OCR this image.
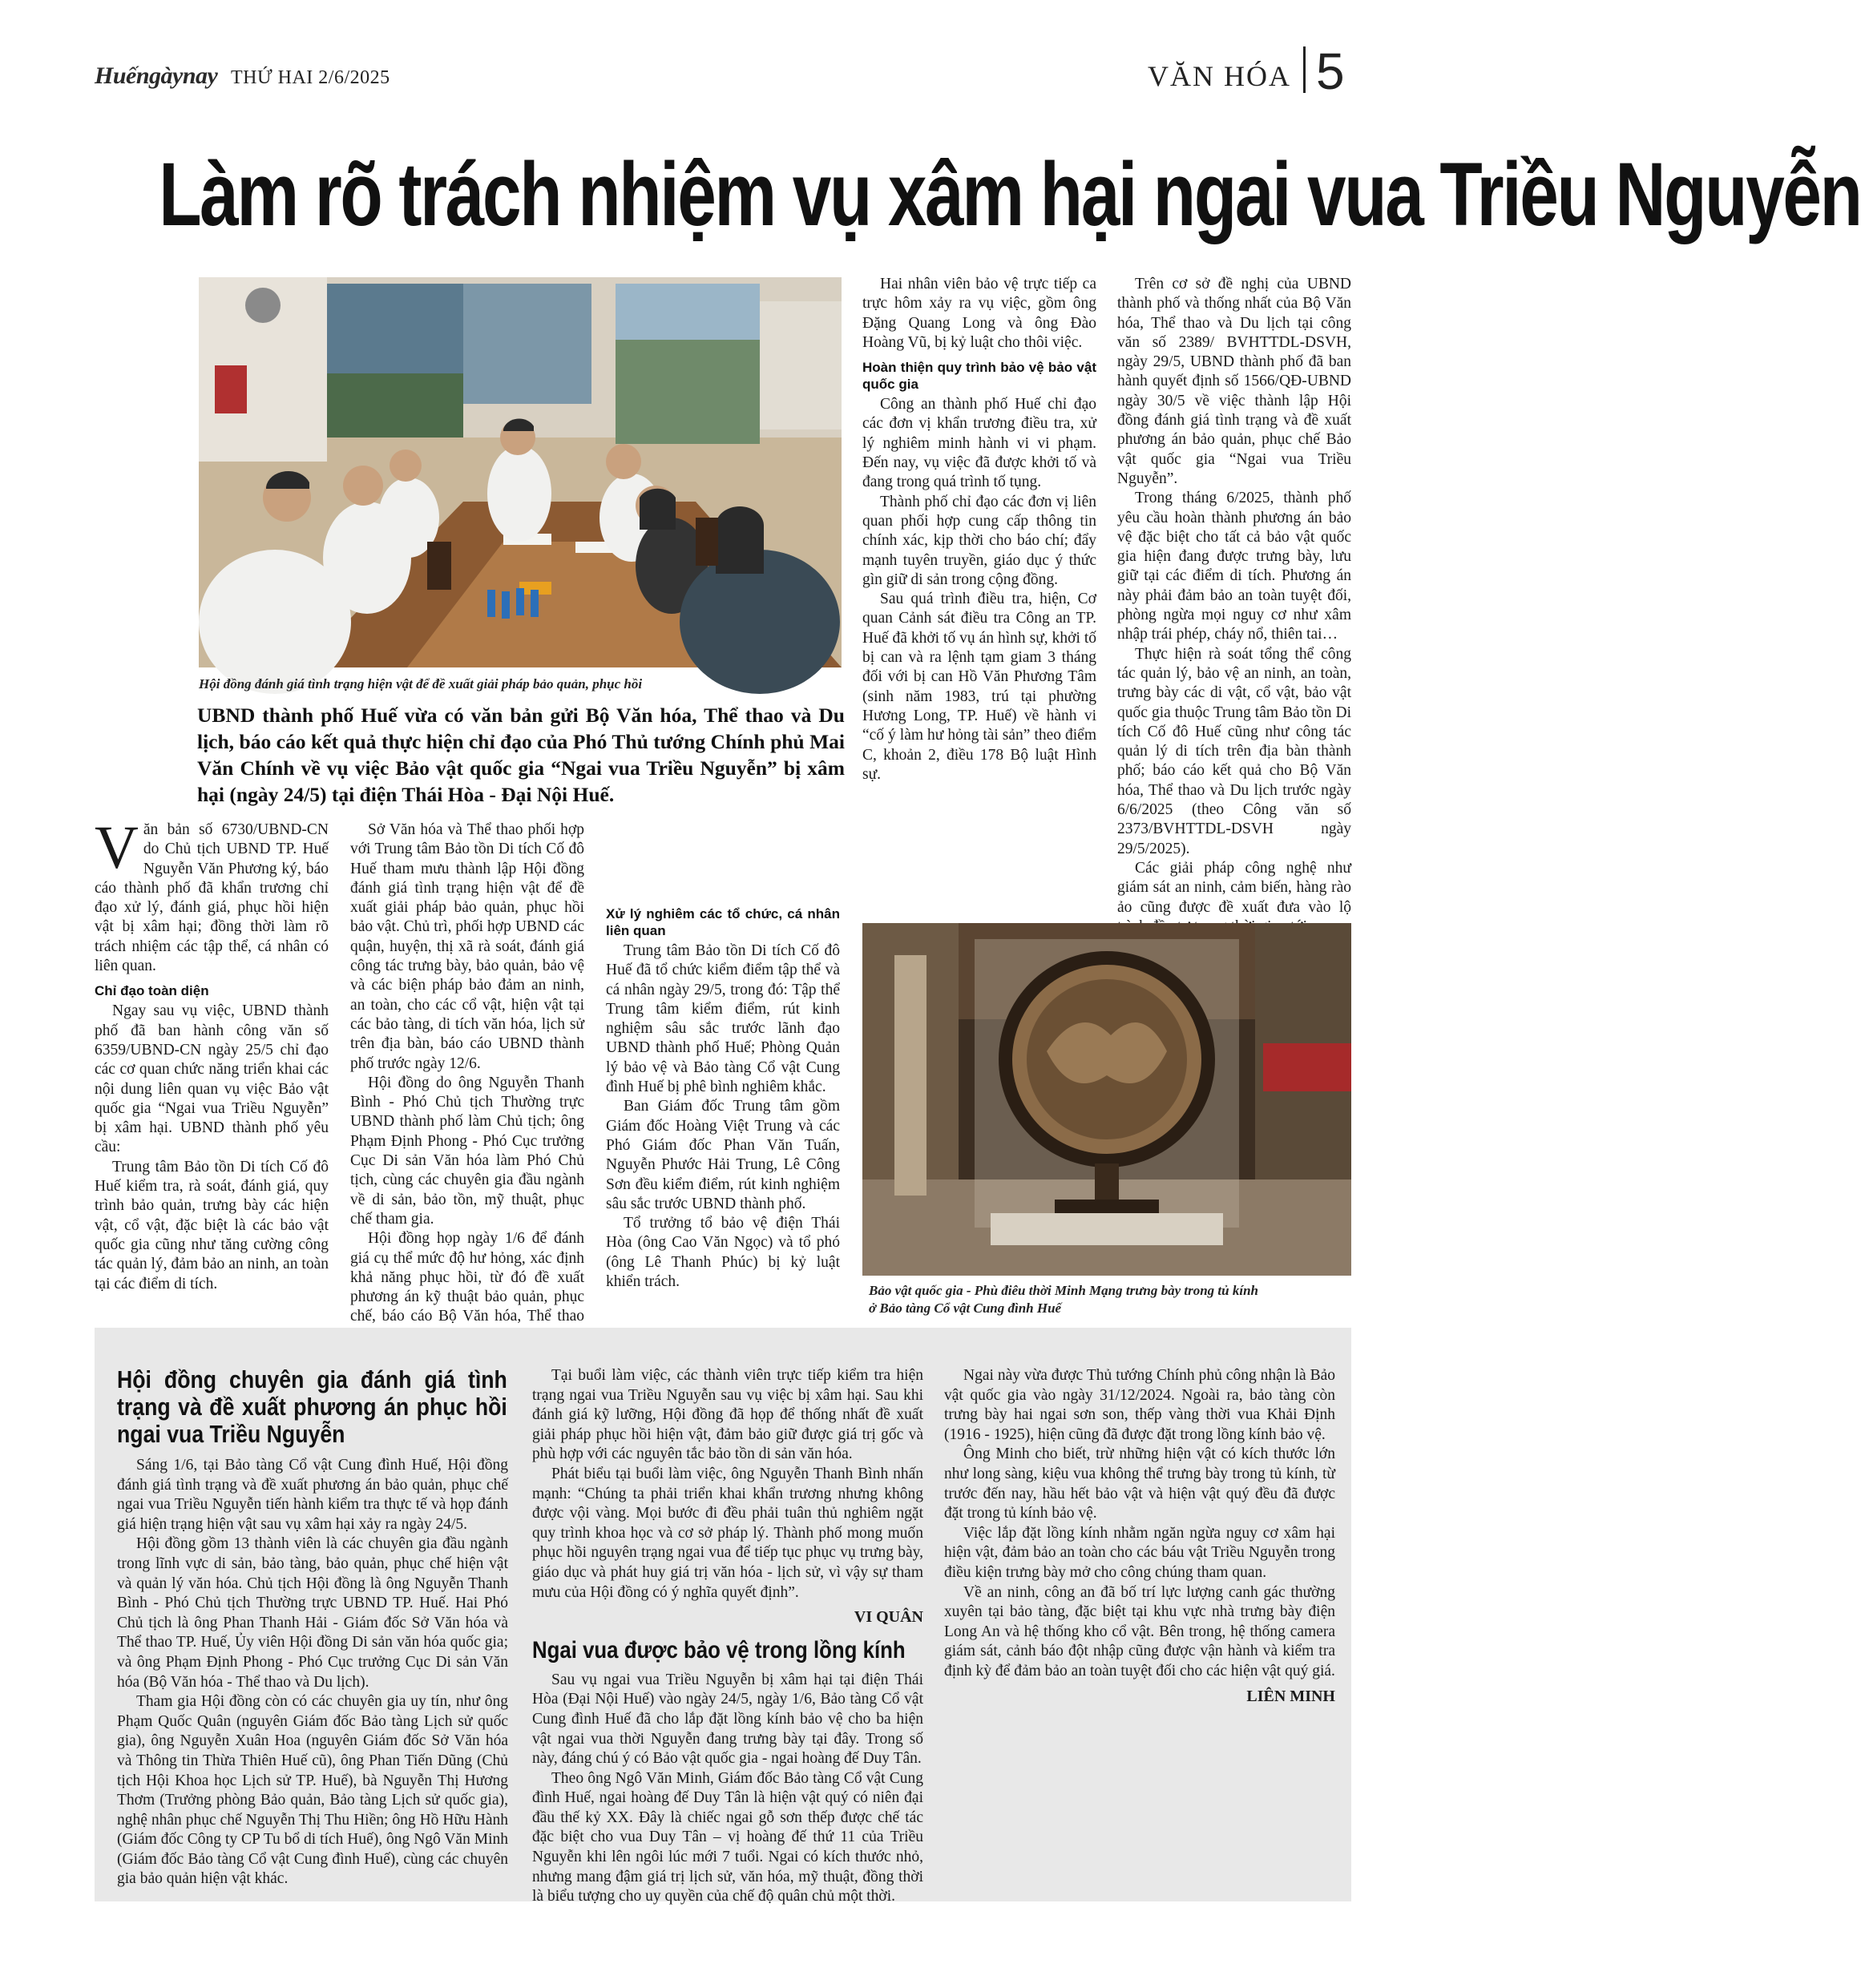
Huếngàynay THỨ HAI 2/6/2025	VĂN HÓA 5
Làm rõ trách nhiệm vụ xâm hại ngai vua Triều Nguyễn
Hội đồng đánh giá tình trạng hiện vật để đề xuất giải pháp bảo quản, phục hồi
UBND thành phố Huế vừa có văn bản gửi Bộ Văn hóa, Thể thao và Du lịch, báo cáo kết quả thực hiện chỉ đạo của Phó Thủ tướng Chính phủ Mai Văn Chính về vụ việc Bảo vật quốc gia “Ngai vua Triều Nguyễn” bị xâm hại (ngày 24/5) tại điện Thái Hòa - Đại Nội Huế.

Văn bản số 6730/UBND-CN do Chủ tịch UBND TP. Huế Nguyễn Văn Phương ký, báo cáo thành phố đã khẩn trương chỉ đạo xử lý, đánh giá, phục hồi hiện vật bị xâm hại; đồng thời làm rõ trách nhiệm các tập thể, cá nhân có liên quan.

Chỉ đạo toàn diện

Ngay sau vụ việc, UBND thành phố đã ban hành công văn số 6359/UBND-CN ngày 25/5 chỉ đạo các cơ quan chức năng triển khai các nội dung liên quan vụ việc Bảo vật quốc gia “Ngai vua Triều Nguyễn” bị xâm hại. UBND thành phố yêu cầu:

Trung tâm Bảo tồn Di tích Cố đô Huế kiểm tra, rà soát, đánh giá, quy trình bảo quản, trưng bày các hiện vật, cổ vật, đặc biệt là các bảo vật quốc gia cũng như tăng cường công tác quản lý, đảm bảo an ninh, an toàn tại các điểm di tích.

Sở Văn hóa và Thể thao phối hợp với Trung tâm Bảo tồn Di tích Cố đô Huế tham mưu thành lập Hội đồng đánh giá tình trạng hiện vật để đề xuất giải pháp bảo quản, phục hồi bảo vật. Chủ trì, phối hợp UBND các quận, huyện, thị xã rà soát, đánh giá công tác trưng bày, bảo quản, bảo vệ và các biện pháp bảo đảm an ninh, an toàn, cho các cổ vật, hiện vật tại các bảo tàng, di tích văn hóa, lịch sử trên địa bàn, báo cáo UBND thành phố trước ngày 12/6.

Hội đồng do ông Nguyễn Thanh Bình - Phó Chủ tịch Thường trực UBND thành phố làm Chủ tịch; ông Phạm Định Phong - Phó Cục trưởng Cục Di sản Văn hóa làm Phó Chủ tịch, cùng các chuyên gia đầu ngành về di sản, bảo tồn, mỹ thuật, phục chế tham gia.

Hội đồng họp ngày 1/6 để đánh giá cụ thể mức độ hư hỏng, xác định khả năng phục hồi, từ đó đề xuất phương án kỹ thuật bảo quản, phục chế, báo cáo Bộ Văn hóa, Thể thao

Xử lý nghiêm các tổ chức, cá nhân liên quan

Trung tâm Bảo tồn Di tích Cố đô Huế đã tổ chức kiểm điểm tập thể và cá nhân ngày 29/5, trong đó: Tập thể Trung tâm kiểm điểm, rút kinh nghiệm sâu sắc trước lãnh đạo UBND thành phố Huế; Phòng Quản lý bảo vệ và Bảo tàng Cổ vật Cung đình Huế bị phê bình nghiêm khắc.

Ban Giám đốc Trung tâm gồm Giám đốc Hoàng Việt Trung và các Phó Giám đốc Phan Văn Tuấn, Nguyễn Phước Hải Trung, Lê Công Sơn đều kiểm điểm, rút kinh nghiệm sâu sắc trước UBND thành phố.

Tổ trưởng tổ bảo vệ điện Thái Hòa (ông Cao Văn Ngọc) và tổ phó (ông Lê Thanh Phúc) bị kỷ luật khiển trách.

Hai nhân viên bảo vệ trực tiếp ca trực hôm xảy ra vụ việc, gồm ông Đặng Quang Long và ông Đào Hoàng Vũ, bị kỷ luật cho thôi việc.

Hoàn thiện quy trình bảo vệ bảo vật quốc gia

Công an thành phố Huế chỉ đạo các đơn vị khẩn trương điều tra, xử lý nghiêm minh hành vi vi phạm. Đến nay, vụ việc đã được khởi tố và đang trong quá trình tố tụng.

Thành phố chỉ đạo các đơn vị liên quan phối hợp cung cấp thông tin chính xác, kịp thời cho báo chí; đẩy mạnh tuyên truyền, giáo dục ý thức gìn giữ di sản trong cộng đồng.

Sau quá trình điều tra, hiện, Cơ quan Cảnh sát điều tra Công an TP. Huế đã khởi tố vụ án hình sự, khởi tố bị can và ra lệnh tạm giam 3 tháng đối với bị can Hồ Văn Phương Tâm (sinh năm 1983, trú tại phường Hương Long, TP. Huế) về hành vi “cố ý làm hư hỏng tài sản” theo điểm C, khoản 2, điều 178 Bộ luật Hình sự.

Trên cơ sở đề nghị của UBND thành phố và thống nhất của Bộ Văn hóa, Thể thao và Du lịch tại công văn số 2389/ BVHTTDL-DSVH, ngày 29/5, UBND thành phố đã ban hành quyết định số 1566/QĐ-UBND ngày 30/5 về việc thành lập Hội đồng đánh giá tình trạng và đề xuất phương án bảo quản, phục chế Bảo vật quốc gia “Ngai vua Triều Nguyễn”.

Trong tháng 6/2025, thành phố yêu cầu hoàn thành phương án bảo vệ đặc biệt cho tất cả bảo vật quốc gia hiện đang được trưng bày, lưu giữ tại các điểm di tích. Phương án này phải đảm bảo an toàn tuyệt đối, phòng ngừa mọi nguy cơ như xâm nhập trái phép, cháy nổ, thiên tai…

Thực hiện rà soát tổng thể công tác quản lý, bảo vệ an ninh, an toàn, trưng bày các di vật, cổ vật, bảo vật quốc gia thuộc Trung tâm Bảo tồn Di tích Cố đô Huế cũng như công tác quản lý di tích trên địa bàn thành phố; báo cáo kết quả cho Bộ Văn hóa, Thể thao và Du lịch trước ngày 6/6/2025 (theo Công văn số 2373/BVHTTDL-DSVH ngày 29/5/2025).

Các giải pháp công nghệ như giám sát an ninh, cảm biến, hàng rào ảo cũng được đề xuất đưa vào lộ

Bảo vật quốc gia - Phù điêu thời Minh Mạng trưng bày trong tủ kính
ở Bảo tàng Cổ vật Cung đình Huế
Hội đồng chuyên gia đánh giá tình trạng và đề xuất phương án phục hồi ngai vua Triều Nguyễn

Sáng 1/6, tại Bảo tàng Cổ vật Cung đình Huế, Hội đồng đánh giá tình trạng và đề xuất phương án bảo quản, phục chế ngai vua Triều Nguyễn tiến hành kiểm tra thực tế và họp đánh giá hiện trạng hiện vật sau vụ xâm hại xảy ra ngày 24/5.

Hội đồng gồm 13 thành viên là các chuyên gia đầu ngành trong lĩnh vực di sản, bảo tàng, bảo quản, phục chế hiện vật và quản lý văn hóa. Chủ tịch Hội đồng là ông Nguyễn Thanh Bình - Phó Chủ tịch Thường trực UBND TP. Huế. Hai Phó Chủ tịch là ông Phan Thanh Hải - Giám đốc Sở Văn hóa và Thể thao TP. Huế, Ủy viên Hội đồng Di sản văn hóa quốc gia; và ông Phạm Định Phong - Phó Cục trưởng Cục Di sản Văn hóa (Bộ Văn hóa - Thể thao và Du lịch).

Tham gia Hội đồng còn có các chuyên gia uy tín, như ông Phạm Quốc Quân (nguyên Giám đốc Bảo tàng Lịch sử quốc gia), ông Nguyễn Xuân Hoa (nguyên Giám đốc Sở Văn hóa và Thông tin Thừa Thiên Huế cũ), ông Phan Tiến Dũng (Chủ tịch Hội Khoa học Lịch sử TP. Huế), bà Nguyễn Thị Hương Thơm (Trưởng phòng Bảo quản, Bảo tàng Lịch sử quốc gia), nghệ nhân phục chế Nguyễn Thị Thu Hiền; ông Hồ Hữu Hành (Giám đốc Công ty CP Tu bổ di tích Huế), ông Ngô Văn Minh (Giám đốc Bảo tàng Cổ vật Cung đình Huế), cùng các chuyên gia bảo quản hiện vật khác.

Tại buổi làm việc, các thành viên trực tiếp kiểm tra hiện trạng ngai vua Triều Nguyễn sau vụ việc bị xâm hại. Sau khi đánh giá kỹ lưỡng, Hội đồng đã họp để thống nhất đề xuất giải pháp phục hồi hiện vật, đảm bảo giữ được giá trị gốc và phù hợp với các nguyên tắc bảo tồn di sản văn hóa.

Phát biểu tại buổi làm việc, ông Nguyễn Thanh Bình nhấn mạnh: “Chúng ta phải triển khai khẩn trương nhưng không được vội vàng. Mọi bước đi đều phải tuân thủ nghiêm ngặt quy trình khoa học và cơ sở pháp lý. Thành phố mong muốn phục hồi nguyên trạng ngai vua để tiếp tục phục vụ trưng bày, giáo dục và phát huy giá trị văn hóa - lịch sử, vì vậy sự tham mưu của Hội đồng có ý nghĩa quyết định”.

VI QUÂN
Ngai vua được bảo vệ trong lồng kính

Sau vụ ngai vua Triều Nguyễn bị xâm hại tại điện Thái Hòa (Đại Nội Huế) vào ngày 24/5, ngày 1/6, Bảo tàng Cổ vật Cung đình Huế đã cho lắp đặt lồng kính bảo vệ cho ba hiện vật ngai vua thời Nguyễn đang trưng bày tại đây. Trong số này, đáng chú ý có Bảo vật quốc gia - ngai hoàng đế Duy Tân.

Theo ông Ngô Văn Minh, Giám đốc Bảo tàng Cổ vật Cung đình Huế, ngai hoàng đế Duy Tân là hiện vật quý có niên đại đầu thế kỷ XX. Đây là chiếc ngai gỗ sơn thếp được chế tác đặc biệt cho vua Duy Tân – vị hoàng đế thứ 11 của Triều Nguyễn khi lên ngôi lúc mới 7 tuổi. Ngai có kích thước nhỏ, nhưng mang đậm giá trị lịch sử, văn hóa, mỹ thuật, đồng thời là biểu tượng cho uy quyền của chế độ quân chủ một thời.

Ngai này vừa được Thủ tướng Chính phủ công nhận là Bảo vật quốc gia vào ngày 31/12/2024. Ngoài ra, bảo tàng còn trưng bày hai ngai sơn son, thếp vàng thời vua Khải Định (1916 - 1925), hiện cũng đã được đặt trong lồng kính bảo vệ.

Ông Minh cho biết, trừ những hiện vật có kích thước lớn như long sàng, kiệu vua không thể trưng bày trong tủ kính, từ trước đến nay, hầu hết bảo vật và hiện vật quý đều đã được đặt trong tủ kính bảo vệ.

Việc lắp đặt lồng kính nhằm ngăn ngừa nguy cơ xâm hại hiện vật, đảm bảo an toàn cho các báu vật Triều Nguyễn trong điều kiện trưng bày mở cho công chúng tham quan.

Về an ninh, công an đã bố trí lực lượng canh gác thường xuyên tại bảo tàng, đặc biệt tại khu vực nhà trưng bày điện Long An và hệ thống kho cổ vật. Bên trong, hệ thống camera giám sát, cảnh báo đột nhập cũng được vận hành và kiểm tra định kỳ để đảm bảo an toàn tuyệt đối cho các hiện vật quý giá.

LIÊN MINH
